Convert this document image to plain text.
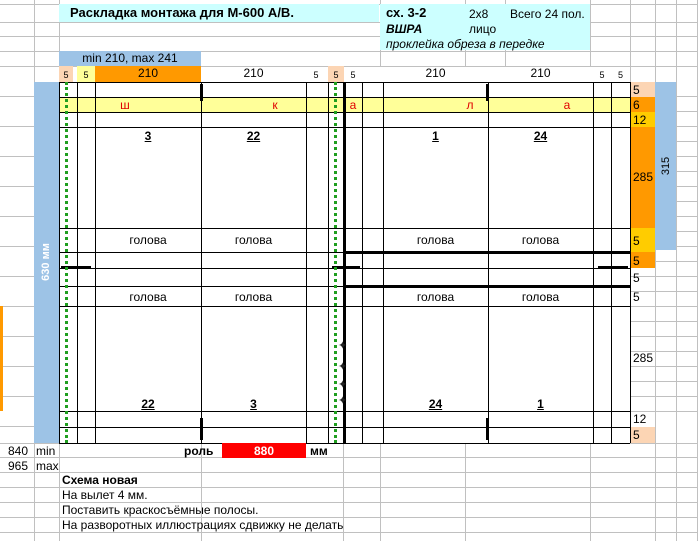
Раскладка монтажа для М-600 А/В.	сх. 3-2	2х8 Всего 24 пол.
ВШРА	лицо
проклейка обреза в передке
min 210, max 241
5	5	210	210	5	5	5	210	210	5	5
630 мм
5
6
12
285
5
5
5
5
285
12
5
315
ш	к	а	л	а
✦
✦
✦
✦
3	22	1	24
голова	голова	голова	голова
голова	голова	голова	голова
22	3	24	1
840 min
965 max
роль	880	мм
Схема новая
На вылет 4 мм.
Поставить краскосъёмные полосы.
На разворотных иллюстрациях сдвижку не делать
